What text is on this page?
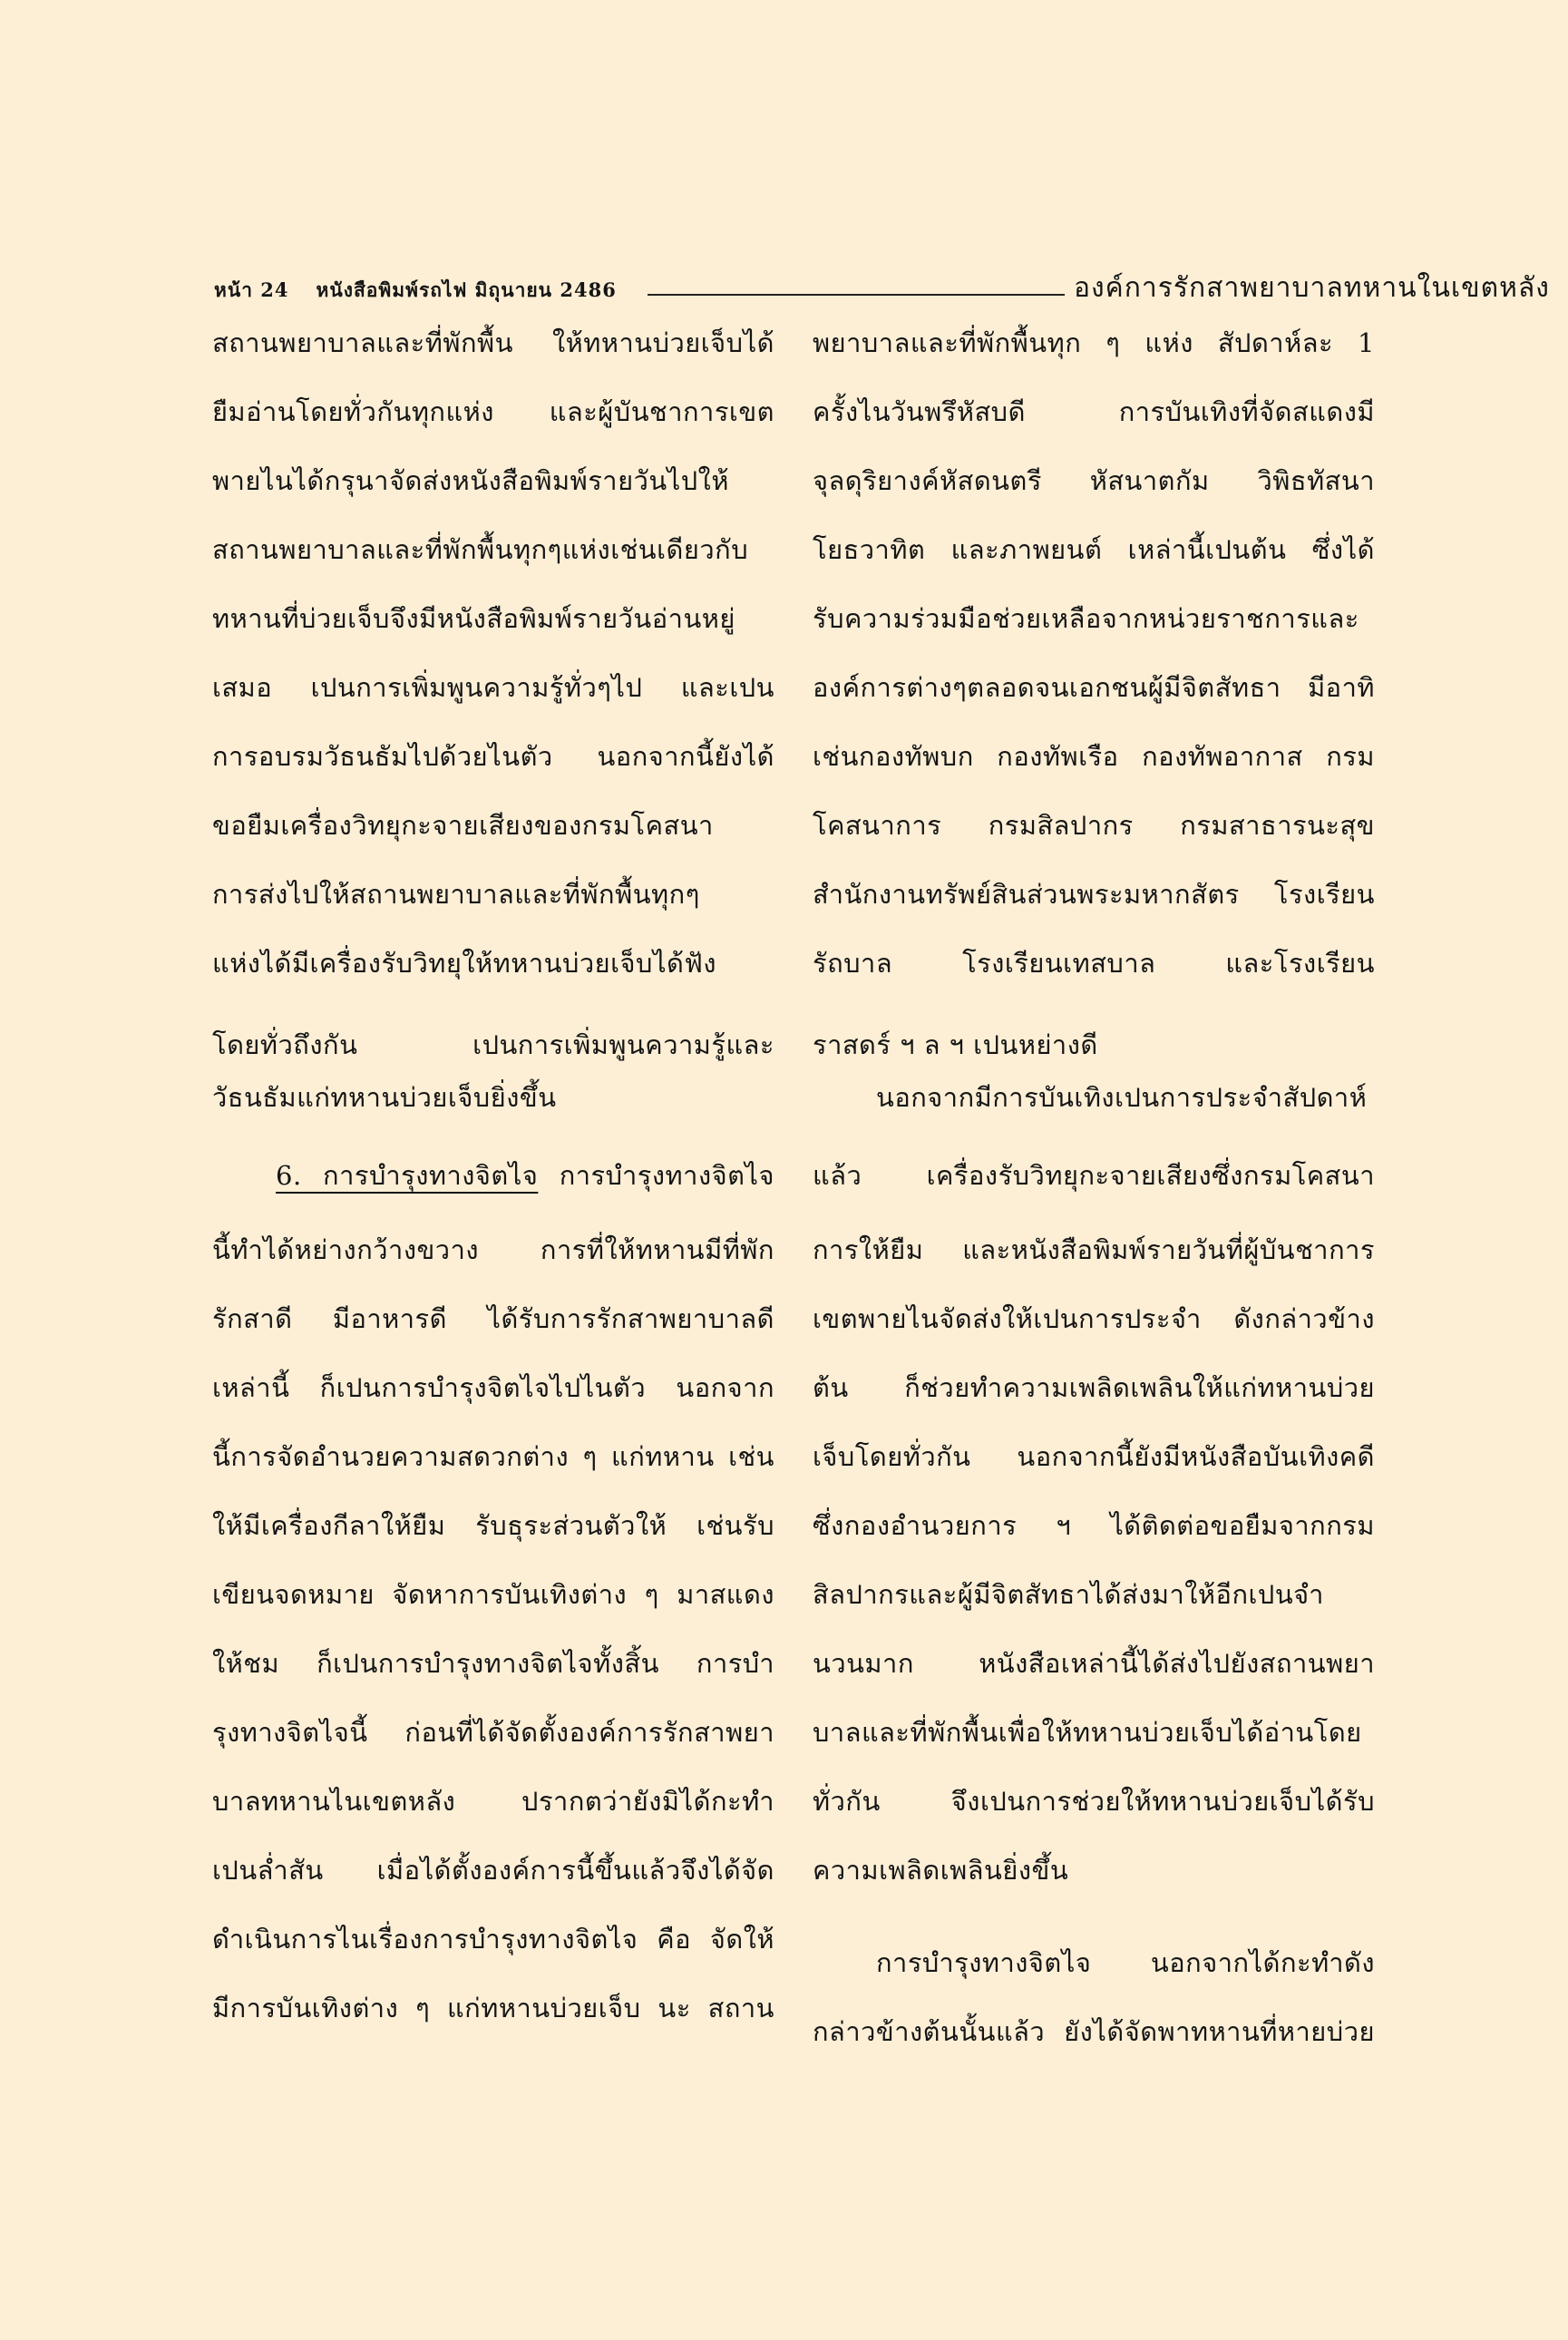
หน้า 24 หนังสือพิมพ์รถไฟ มิถุนายน 2486	องค์การรักสาพยาบาลทหานในเขตหลัง
สถานพยาบาลและที่พักพื้น ให้ทหานบ่วยเจ็บได้
ยืมอ่านโดยทั่วกันทุกแห่ง และผู้บันชาการเขต
พายไนได้กรุนาจัดส่งหนังสือพิมพ์รายวันไปให้
สถานพยาบาลและที่พักพื้นทุกๆแห่งเช่นเดียวกับ
ทหานที่บ่วยเจ็บจึงมีหนังสือพิมพ์รายวันอ่านหยู่
เสมอ เปนการเพิ่มพูนความรู้ทั่วๆไป และเปน
การอบรมวัธนธัมไปด้วยไนตัว นอกจากนี้ยังได้
ขอยืมเครื่องวิทยุกะจายเสียงของกรมโคสนา
การส่งไปให้สถานพยาบาลและที่พักพื้นทุกๆ
แห่งได้มีเครื่องรับวิทยุให้ทหานบ่วยเจ็บได้ฟัง
โดยทั่วถึงกัน เปนการเพิ่มพูนความรู้และ
วัธนธัมแก่ทหานบ่วยเจ็บยิ่งขึ้น
6. การบำรุงทางจิตไจ การบำรุงทางจิตไจ
นี้ทำได้หย่างกว้างขวาง การที่ให้ทหานมีที่พัก
รักสาดี มีอาหารดี ได้รับการรักสาพยาบาลดี
เหล่านี้ ก็เปนการบำรุงจิตไจไปไนตัว นอกจาก
นี้การจัดอำนวยความสดวกต่าง ๆ แก่ทหาน เช่น
ให้มีเครื่องกีลาให้ยืม รับธุระส่วนตัวให้ เช่นรับ
เขียนจดหมาย จัดหาการบันเทิงต่าง ๆ มาสแดง
ให้ชม ก็เปนการบำรุงทางจิตไจทั้งสิ้น การบำ
รุงทางจิตไจนี้ ก่อนที่ได้จัดตั้งองค์การรักสาพยา
บาลทหานไนเขตหลัง ปรากตว่ายังมิได้กะทำ
เปนล่ำสัน เมื่อได้ตั้งองค์การนี้ขึ้นแล้วจึงได้จัด
ดำเนินการไนเรื่องการบำรุงทางจิตไจ คือ จัดให้
มีการบันเทิงต่าง ๆ แก่ทหานบ่วยเจ็บ นะ สถาน
พยาบาลและที่พักพื้นทุก ๆ แห่ง สัปดาห์ละ 1
ครั้งไนวันพรึหัสบดี การบันเทิงที่จัดสแดงมี
จุลดุริยางค์หัสดนตรี หัสนาตกัม วิพิธทัสนา
โยธวาทิต และภาพยนต์ เหล่านี้เปนต้น ซึ่งได้
รับความร่วมมือช่วยเหลือจากหน่วยราชการและ
องค์การต่างๆตลอดจนเอกชนผู้มีจิตสัทธา มีอาทิ
เช่นกองทัพบก กองทัพเรือ กองทัพอากาส กรม
โคสนาการ กรมสิลปากร กรมสาธารนะสุข
สำนักงานทรัพย์สินส่วนพระมหากสัตร โรงเรียน
รัถบาล โรงเรียนเทสบาล และโรงเรียน
ราสดร์ ฯ ล ฯ เปนหย่างดี
นอกจากมีการบันเทิงเปนการประจำสัปดาห์
แล้ว เครื่องรับวิทยุกะจายเสียงซึ่งกรมโคสนา
การให้ยืม และหนังสือพิมพ์รายวันที่ผู้บันชาการ
เขตพายไนจัดส่งให้เปนการประจำ ดังกล่าวข้าง
ต้น ก็ช่วยทำความเพลิดเพลินให้แก่ทหานบ่วย
เจ็บโดยทั่วกัน นอกจากนี้ยังมีหนังสือบันเทิงคดี
ซึ่งกองอำนวยการ ฯ ได้ติดต่อขอยืมจากกรม
สิลปากรและผู้มีจิตสัทธาได้ส่งมาให้อีกเปนจำ
นวนมาก หนังสือเหล่านี้ได้ส่งไปยังสถานพยา
บาลและที่พักพื้นเพื่อให้ทหานบ่วยเจ็บได้อ่านโดย
ทั่วกัน จึงเปนการช่วยให้ทหานบ่วยเจ็บได้รับ
ความเพลิดเพลินยิ่งขึ้น
การบำรุงทางจิตไจ นอกจากได้กะทำดัง
กล่าวข้างต้นนั้นแล้ว ยังได้จัดพาทหานที่หายบ่วย
